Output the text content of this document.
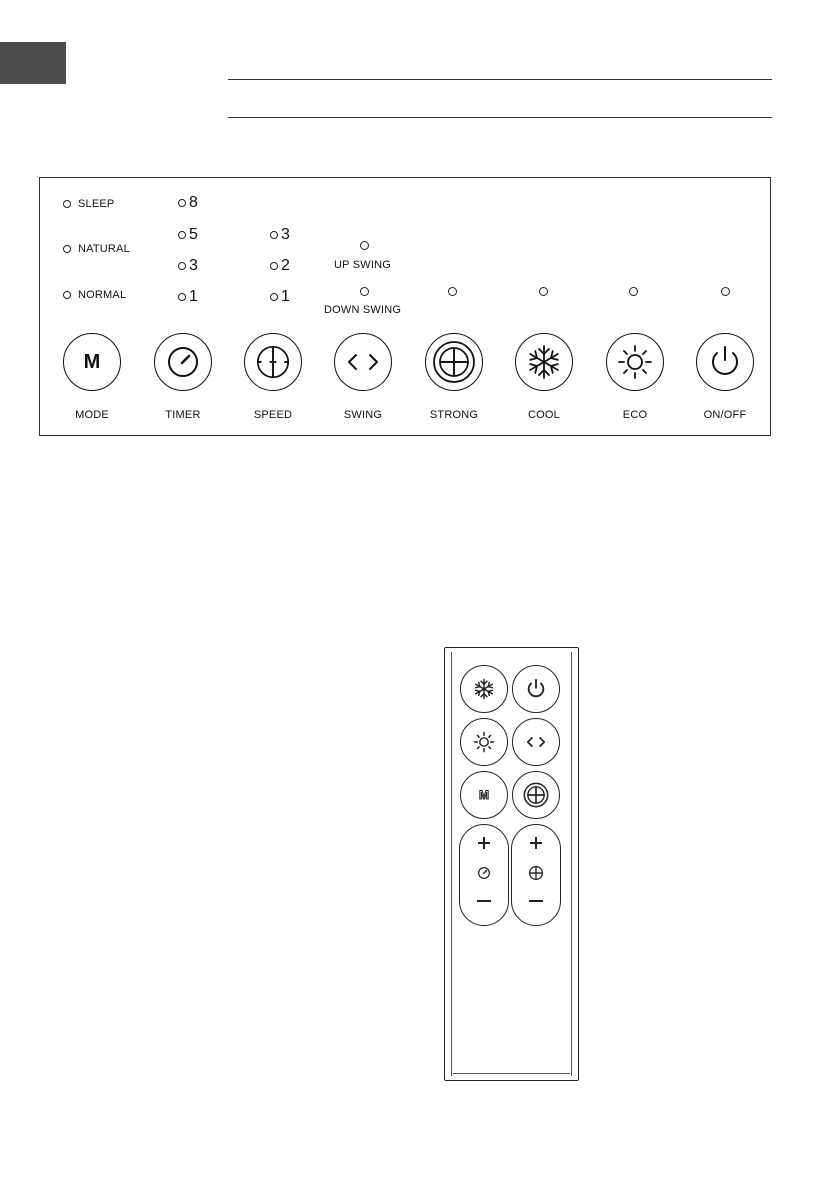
SLEEP
NATURAL
NORMAL
8
5
3
1
3
2
1
UP SWING
DOWN SWING
M
MODE	TIMER	SPEED	SWING	STRONG	COOL	ECO	ON/OFF
M
